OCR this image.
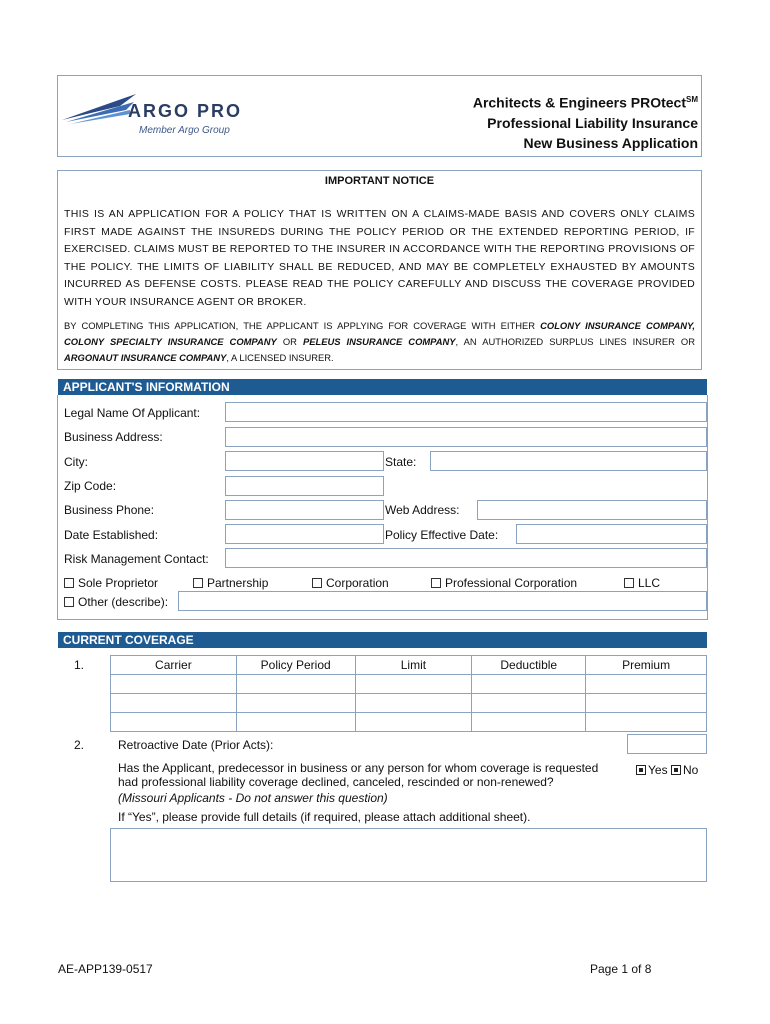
ARGO PRO
Member Argo Group
Architects & Engineers PROtect℠
Professional Liability Insurance
New Business Application
IMPORTANT NOTICE
THIS IS AN APPLICATION FOR A POLICY THAT IS WRITTEN ON A CLAIMS-MADE BASIS AND COVERS ONLY CLAIMS FIRST MADE AGAINST THE INSUREDS DURING THE POLICY PERIOD OR THE EXTENDED REPORTING PERIOD, IF EXERCISED. CLAIMS MUST BE REPORTED TO THE INSURER IN ACCORDANCE WITH THE REPORTING PROVISIONS OF THE POLICY. THE LIMITS OF LIABILITY SHALL BE REDUCED, AND MAY BE COMPLETELY EXHAUSTED BY AMOUNTS INCURRED AS DEFENSE COSTS. PLEASE READ THE POLICY CAREFULLY AND DISCUSS THE COVERAGE PROVIDED WITH YOUR INSURANCE AGENT OR BROKER.
BY COMPLETING THIS APPLICATION, THE APPLICANT IS APPLYING FOR COVERAGE WITH EITHER COLONY INSURANCE COMPANY, COLONY SPECIALTY INSURANCE COMPANY OR PELEUS INSURANCE COMPANY, AN AUTHORIZED SURPLUS LINES INSURER OR ARGONAUT INSURANCE COMPANY, A LICENSED INSURER.
APPLICANT'S INFORMATION
Legal Name Of Applicant:
Business Address:
City:	State:
Zip Code:
Business Phone:	Web Address:
Date Established:	Policy Effective Date:
Risk Management Contact:
Sole Proprietor	Partnership	Corporation	Professional Corporation	LLC
Other (describe):
CURRENT COVERAGE
1.	Carrier	Policy Period	Limit	Deductible	Premium

2.	Retroactive Date (Prior Acts):
Has the Applicant, predecessor in business or any person for whom coverage is requested
had professional liability coverage declined, canceled, rescinded or non-renewed?
(Missouri Applicants - Do not answer this question)
Yes	No
If “Yes”, please provide full details (if required, please attach additional sheet).
AE-APP139-0517	Page 1 of 8
